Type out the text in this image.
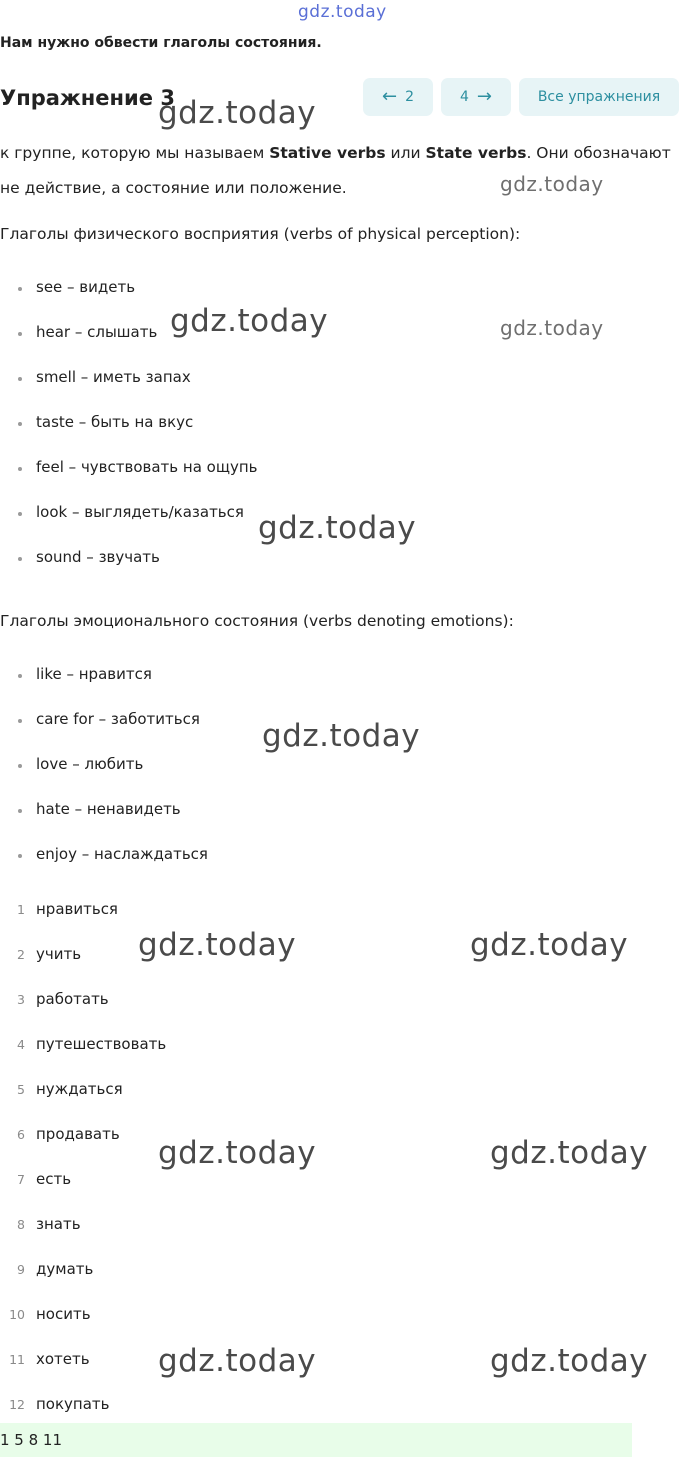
gdz.today
gdz.today
gdz.today
gdz.today	gdz.today
gdz.today
gdz.today
gdz.today	gdz.today
gdz.today	gdz.today
gdz.today	gdz.today
Нам нужно обвести глаголы состояния.
Упражнение 3	← 2	4 →	Все упражнения
к группе, которую мы называем Stative verbs или State verbs. Они обозначают
не действие, а состояние или положение.
Глаголы физического восприятия (verbs of physical perception):
see – видеть
hear – слышать
smell – иметь запах
taste – быть на вкус
feel – чувствовать на ощупь
look – выглядеть/казаться
sound – звучать
Глаголы эмоционального состояния (verbs denoting emotions):
like – нравится
care for – заботиться
love – любить
hate – ненавидеть
enjoy – наслаждаться
1 нравиться
2 учить
3 работать
4 путешествовать
5 нуждаться
6 продавать
7 есть
8 знать
9 думать
10 носить
11 хотеть
12 покупать
1 5 8 11
